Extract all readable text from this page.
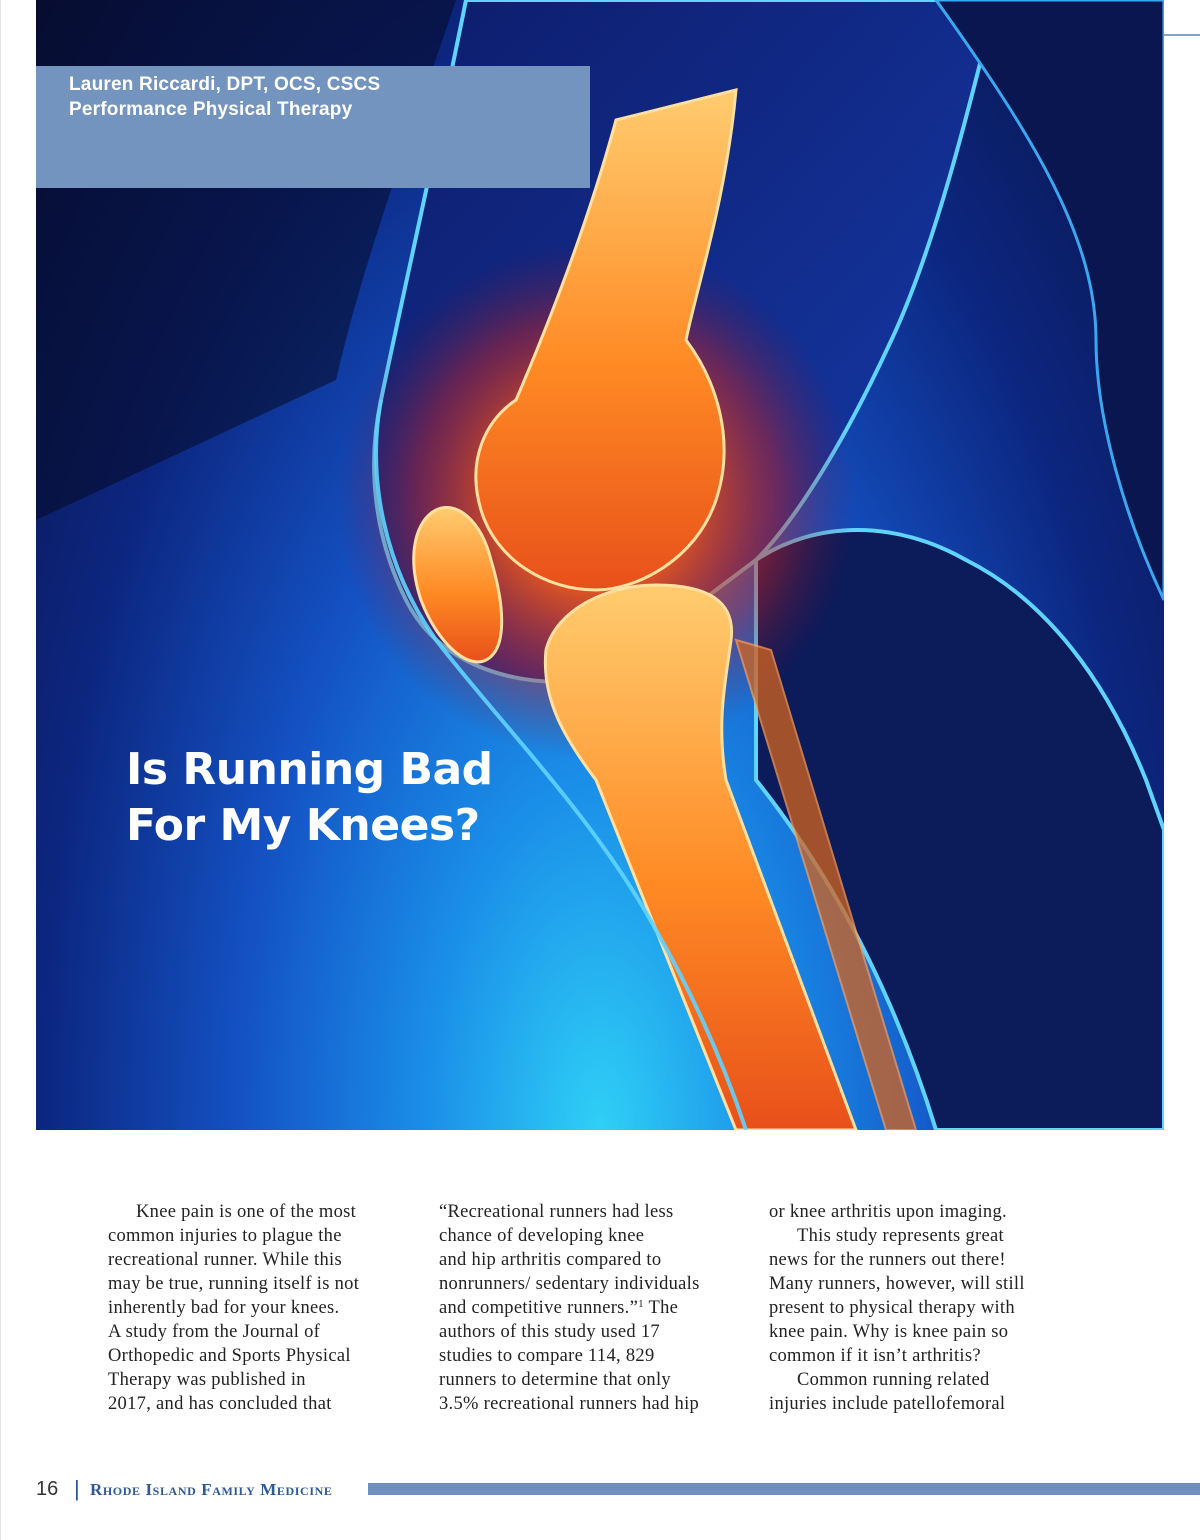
Lauren Riccardi, DPT, OCS, CSCS
Performance Physical Therapy
Is Running Bad
For My Knees?
Knee pain is one of the most
common injuries to plague the
recreational runner. While this
may be true, running itself is not
inherently bad for your knees.
A study from the Journal of
Orthopedic and Sports Physical
Therapy was published in
2017, and has concluded that
“Recreational runners had less
chance of developing knee
and hip arthritis compared to
nonrunners/ sedentary individuals
and competitive runners.”$^1$ The
authors of this study used 17
studies to compare 114, 829
runners to determine that only
3.5% recreational runners had hip
or knee arthritis upon imaging.
This study represents great
news for the runners out there!
Many runners, however, will still
present to physical therapy with
knee pain. Why is knee pain so
common if it isn’t arthritis?
Common running related
injuries include patellofemoral
16 | Rhode Island Family Medicine
